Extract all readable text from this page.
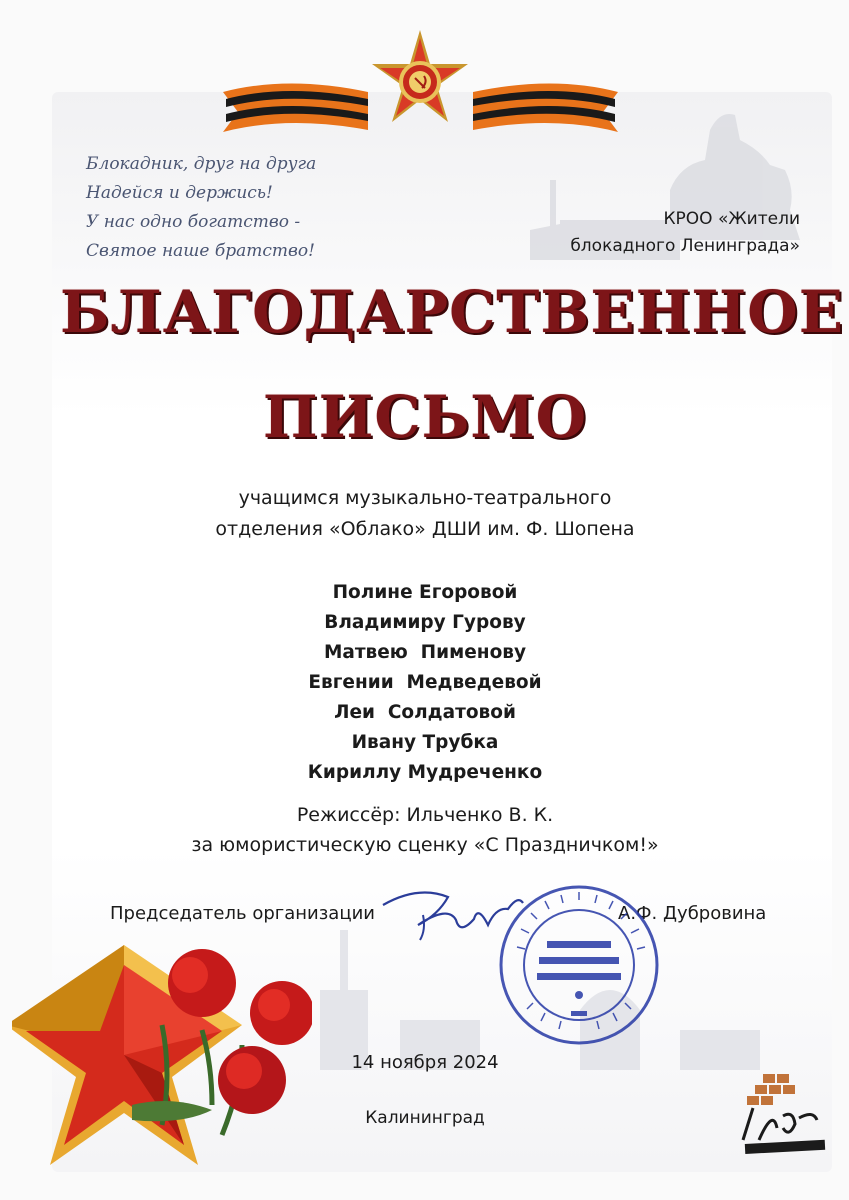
Блокадник, друг на друга
Надейся и держись!
У нас одно богатство -
Святое наше братство!
КРОО «Жители
блокадного Ленинграда»
БЛАГОДАРСТВЕННОЕ
ПИСЬМО
учащимся музыкально-театрального
отделения «Облако» ДШИ им. Ф. Шопена
Полине Егоровой
Владимиру Гурову
Матвею  Пименову
Евгении  Медведевой
Леи  Солдатовой
Ивану Трубка
Кириллу Мудреченко
Режиссёр: Ильченко В. К.
за юмористическую сценку «С Праздничком!»
Председатель организации	А.Ф. Дубровина
14 ноября 2024
Калининград
